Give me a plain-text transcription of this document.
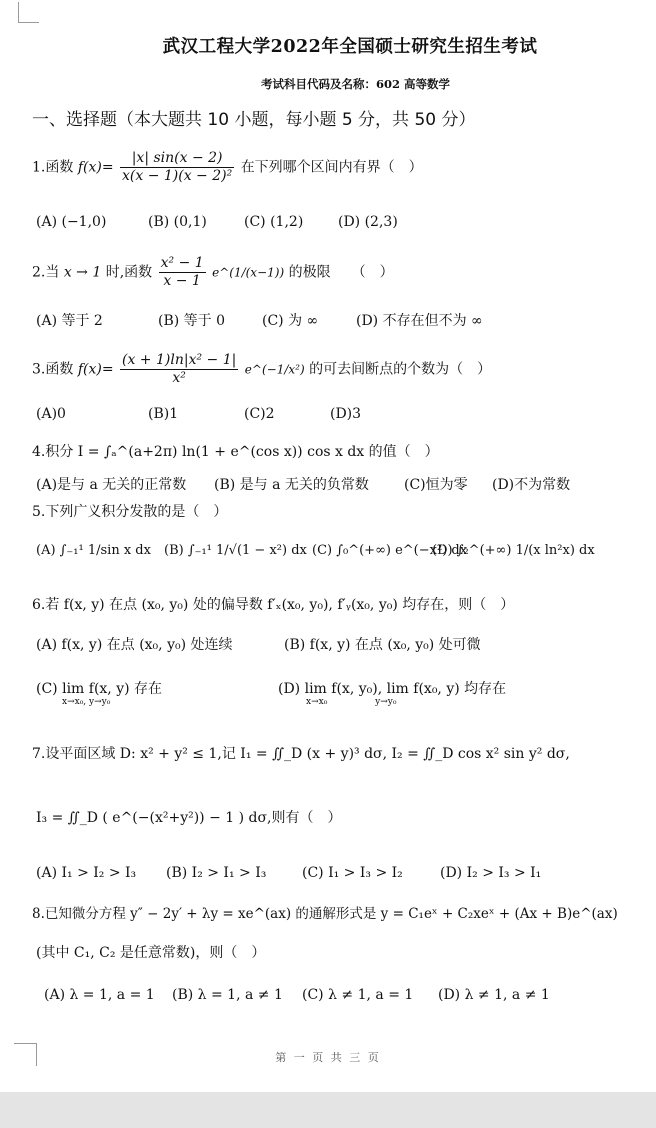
武汉工程大学2022年全国硕士研究生招生考试
考试科目代码及名称：602 高等数学
一、选择题（本大题共 10 小题，每小题 5 分，共 50 分）
1.函数 $f(x)= \frac{|x| \sin(x - 2)}{\text{x(x − 1)(x − 2)²}}$ 在下列哪个区间内有界（　）
(A) (−1,0)	(B) (0,1)	(C) (1,2) (D) (2,3)
2.当 x → 1 时,函数 $\frac{\text{x² − 1}}{x - 1}$ e^(1/(x−1)) 的极限　　（　）
(A) 等于 2	(B) 等于 0	(C) 为 ∞	(D) 不存在但不为 ∞
3.函数 $f(x)= \frac{\text{(x + 1)ln|x² − 1|}}{\text{x²}}$ e^(−1/x²) 的可去间断点的个数为（　）
(A)0	(B)1	(C)2	(D)3
4.积分 I = ∫ₐ^(a+2π) ln(1 + e^(cos x)) cos x dx 的值（　）
(A)是与 a 无关的正常数 (B) 是与 a 无关的负常数	(C)恒为零 (D)不为常数
5.下列广义积分发散的是（　）
(A) ∫₋₁¹ 1/sin x dx (B) ∫₋₁¹ 1/√(1 − x²) dx (C) ∫₀^(+∞) e^(−x²) dx
(D) ∫₂^(+∞) 1/(x ln²x) dx
6.若 f(x, y) 在点 (x₀, y₀) 处的偏导数 f′ₓ(x₀, y₀), f′ᵧ(x₀, y₀) 均存在，则（　）
(A) f(x, y) 在点 (x₀, y₀) 处连续	(B) f(x, y) 在点 (x₀, y₀) 处可微
(C) lim f(x, y) 存在
x→x₀, y→y₀
(D) lim f(x, y₀), lim f(x₀, y) 均存在
x→x₀　　　　　 y→y₀
7.设平面区域 D: x² + y² ≤ 1,记 I₁ = ∬_D (x + y)³ dσ, I₂ = ∬_D cos x² sin y² dσ,
I₃ = ∬_D ( e^(−(x²+y²)) − 1 ) dσ,则有（　）
(A) I₁ > I₂ > I₃ (B) I₂ > I₁ > I₃	(C) I₁ > I₃ > I₂	(D) I₂ > I₃ > I₁
8.已知微分方程 y″ − 2y′ + λy = xe^(ax) 的通解形式是 y = C₁eˣ + C₂xeˣ + (Ax + B)e^(ax)
(其中 C₁, C₂ 是任意常数)，则（　）
(A) λ = 1, a = 1 (B) λ = 1, a ≠ 1 (C) λ ≠ 1, a = 1 (D) λ ≠ 1, a ≠ 1
第 一 页 共 三 页
